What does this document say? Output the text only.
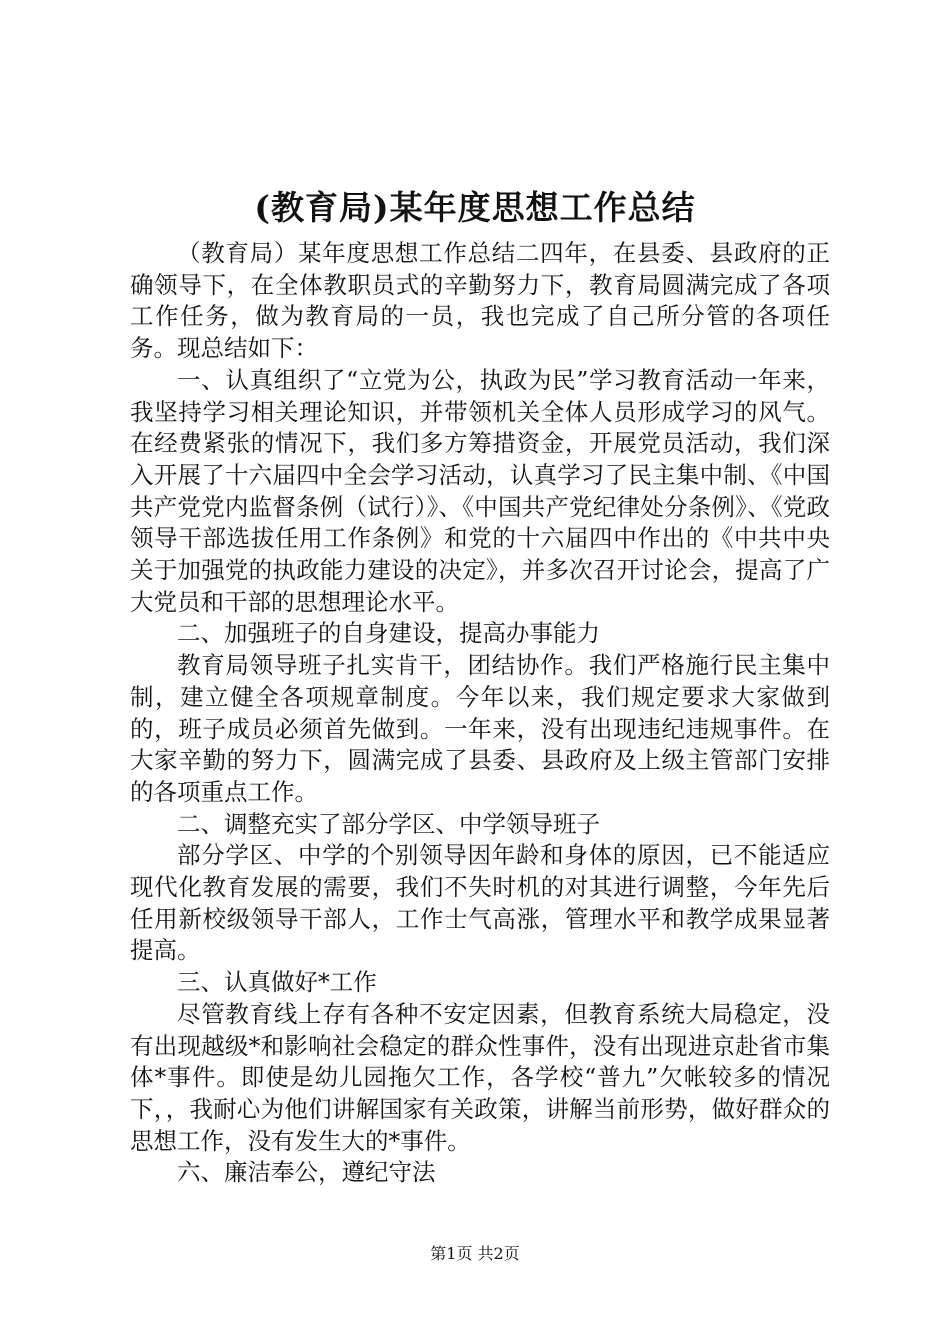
(教育局)某年度思想工作总结

（教育局）某年度思想工作总结二四年，在县委、县政府的正确领导下，在全体教职员式的辛勤努力下，教育局圆满完成了各项工作任务，做为教育局的一员，我也完成了自己所分管的各项任务。现总结如下：

一、认真组织了“立党为公，执政为民”学习教育活动一年来，我坚持学习相关理论知识，并带领机关全体人员形成学习的风气。在经费紧张的情况下，我们多方筹措资金，开展党员活动，我们深入开展了十六届四中全会学习活动，认真学习了民主集中制、《中国共产党党内监督条例（试行）》、《中国共产党纪律处分条例》、《党政领导干部选拔任用工作条例》和党的十六届四中作出的《中共中央关于加强党的执政能力建设的决定》，并多次召开讨论会，提高了广大党员和干部的思想理论水平。

二、加强班子的自身建设，提高办事能力

教育局领导班子扎实肯干，团结协作。我们严格施行民主集中制，建立健全各项规章制度。今年以来，我们规定要求大家做到的，班子成员必须首先做到。一年来，没有出现违纪违规事件。在大家辛勤的努力下，圆满完成了县委、县政府及上级主管部门安排的各项重点工作。

二、调整充实了部分学区、中学领导班子

部分学区、中学的个别领导因年龄和身体的原因，已不能适应现代化教育发展的需要，我们不失时机的对其进行调整，今年先后任用新校级领导干部人，工作士气高涨，管理水平和教学成果显著提高。

三、认真做好*工作

尽管教育线上存有各种不安定因素，但教育系统大局稳定，没有出现越级*和影响社会稳定的群众性事件，没有出现进京赴省市集体*事件。即使是幼儿园拖欠工作，各学校“普九”欠帐较多的情况下，，我耐心为他们讲解国家有关政策，讲解当前形势，做好群众的思想工作，没有发生大的*事件。

六、廉洁奉公，遵纪守法

第1页 共2页
